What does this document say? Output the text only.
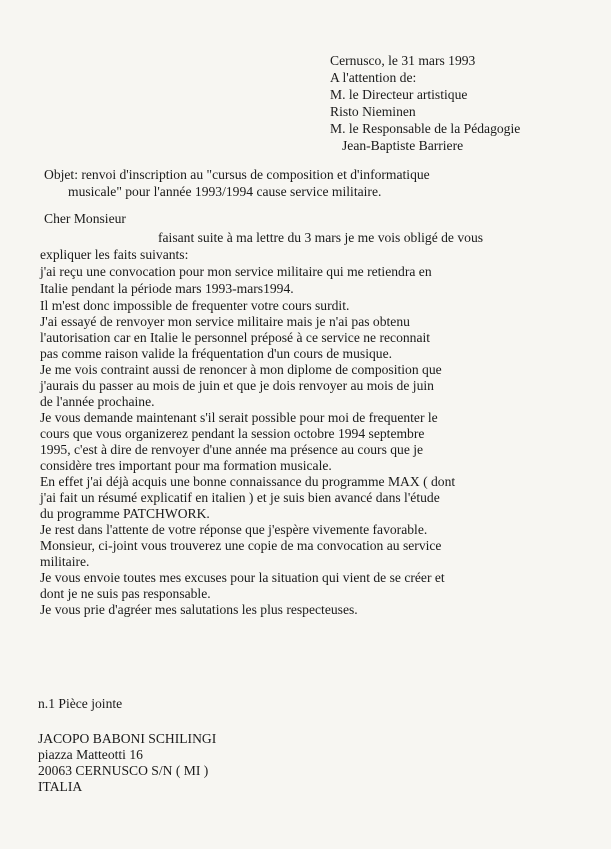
Cernusco, le 31 mars 1993
A l'attention de:
M. le Directeur artistique
Risto Nieminen
M. le Responsable de la Pédagogie
Jean-Baptiste Barriere
Objet: renvoi d'inscription au "cursus de composition et d'informatique
musicale" pour l'année 1993/1994 cause service militaire.
Cher Monsieur
faisant suite à ma lettre du 3 mars je me vois obligé de vous
expliquer les faits suivants:
j'ai reçu une convocation pour mon service militaire qui me retiendra en
Italie pendant la période mars 1993-mars1994.
Il m'est donc impossible de frequenter votre cours surdit.
J'ai essayé de renvoyer mon service militaire mais je n'ai pas obtenu
l'autorisation car en Italie le personnel préposé à ce service ne reconnait
pas comme raison valide la fréquentation d'un cours de musique.
Je me vois contraint aussi de renoncer à mon diplome de composition que
j'aurais du passer au mois de juin et que je dois renvoyer au mois de juin
de l'année prochaine.
Je vous demande maintenant s'il serait possible pour moi de frequenter le
cours que vous organizerez pendant la session octobre 1994 septembre
1995, c'est à dire de renvoyer d'une année ma présence au cours que je
considère tres important pour ma formation musicale.
En effet j'ai déjà acquis une bonne connaissance du programme MAX ( dont
j'ai fait un résumé explicatif en italien ) et je suis bien avancé dans l'étude
du programme PATCHWORK.
Je rest dans l'attente de votre réponse que j'espère vivemente favorable.
Monsieur, ci-joint vous trouverez une copie de ma convocation au service
militaire.
Je vous envoie toutes mes excuses pour la situation qui vient de se créer et
dont je ne suis pas responsable.
Je vous prie d'agréer mes salutations les plus respecteuses.
n.1 Pièce jointe
JACOPO BABONI SCHILINGI
piazza Matteotti 16
20063 CERNUSCO S/N ( MI )
ITALIA
